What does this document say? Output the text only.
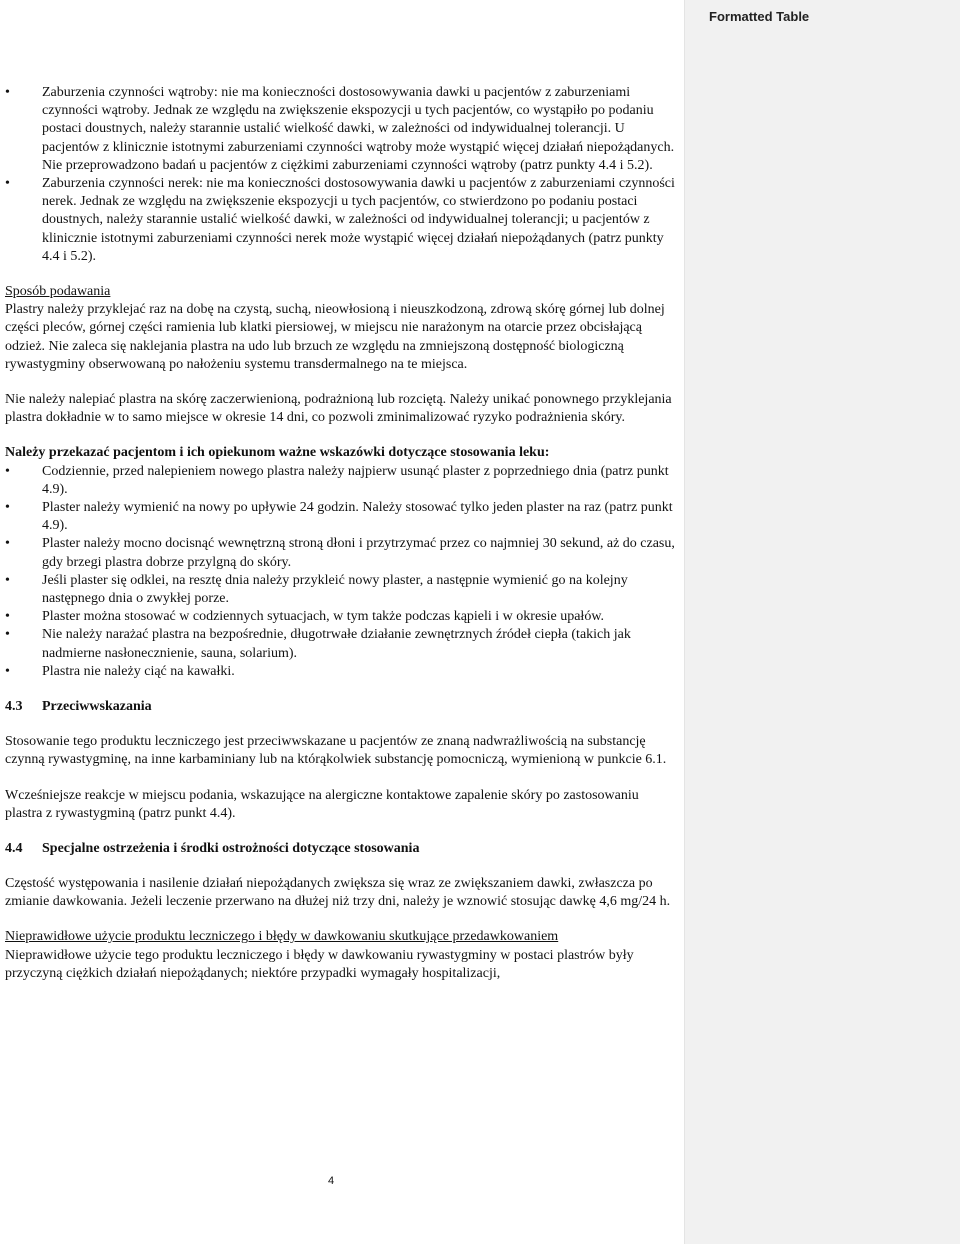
Formatted Table
• Zaburzenia czynności wątroby: nie ma konieczności dostosowywania dawki u pacjentów z zaburzeniami czynności wątroby. Jednak ze względu na zwiększenie ekspozycji u tych pacjentów, co wystąpiło po podaniu postaci doustnych, należy starannie ustalić wielkość dawki, w zależności od indywidualnej tolerancji. U pacjentów z klinicznie istotnymi zaburzeniami czynności wątroby może wystąpić więcej działań niepożądanych. Nie przeprowadzono badań u pacjentów z ciężkimi zaburzeniami czynności wątroby (patrz punkty 4.4 i 5.2).
• Zaburzenia czynności nerek: nie ma konieczności dostosowywania dawki u pacjentów z zaburzeniami czynności nerek. Jednak ze względu na zwiększenie ekspozycji u tych pacjentów, co stwierdzono po podaniu postaci doustnych, należy starannie ustalić wielkość dawki, w zależności od indywidualnej tolerancji; u pacjentów z klinicznie istotnymi zaburzeniami czynności nerek może wystąpić więcej działań niepożądanych (patrz punkty 4.4 i 5.2).

Sposób podawania

Plastry należy przyklejać raz na dobę na czystą, suchą, nieowłosioną i nieuszkodzoną, zdrową skórę górnej lub dolnej części pleców, górnej części ramienia lub klatki piersiowej, w miejscu nie narażonym na otarcie przez obcisłającą odzież. Nie zaleca się naklejania plastra na udo lub brzuch ze względu na zmniejszoną dostępność biologiczną rywastygminy obserwowaną po nałożeniu systemu transdermalnego na te miejsca.

Nie należy nalepiać plastra na skórę zaczerwienioną, podrażnioną lub rozciętą. Należy unikać ponownego przyklejania plastra dokładnie w to samo miejsce w okresie 14 dni, co pozwoli zminimalizować ryzyko podrażnienia skóry.

Należy przekazać pacjentom i ich opiekunom ważne wskazówki dotyczące stosowania leku:

• Codziennie, przed nalepieniem nowego plastra należy najpierw usunąć plaster z poprzedniego dnia (patrz punkt 4.9).
• Plaster należy wymienić na nowy po upływie 24 godzin. Należy stosować tylko jeden plaster na raz (patrz punkt 4.9).
• Plaster należy mocno docisnąć wewnętrzną stroną dłoni i przytrzymać przez co najmniej 30 sekund, aż do czasu, gdy brzegi plastra dobrze przylgną do skóry.
• Jeśli plaster się odklei, na resztę dnia należy przykleić nowy plaster, a następnie wymienić go na kolejny następnego dnia o zwykłej porze.
• Plaster można stosować w codziennych sytuacjach, w tym także podczas kąpieli i w okresie upałów.
• Nie należy narażać plastra na bezpośrednie, długotrwałe działanie zewnętrznych źródeł ciepła (takich jak nadmierne nasłonecznienie, sauna, solarium).
• Plastra nie należy ciąć na kawałki.
4.3 Przeciwwskazania

Stosowanie tego produktu leczniczego jest przeciwwskazane u pacjentów ze znaną nadwrażliwością na substancję czynną rywastygminę, na inne karbaminiany lub na którąkolwiek substancję pomocniczą, wymienioną w punkcie 6.1.

Wcześniejsze reakcje w miejscu podania, wskazujące na alergiczne kontaktowe zapalenie skóry po zastosowaniu plastra z rywastygminą (patrz punkt 4.4).

4.4 Specjalne ostrzeżenia i środki ostrożności dotyczące stosowania

Częstość występowania i nasilenie działań niepożądanych zwiększa się wraz ze zwiększaniem dawki, zwłaszcza po zmianie dawkowania. Jeżeli leczenie przerwano na dłużej niż trzy dni, należy je wznowić stosując dawkę 4,6 mg/24 h.

Nieprawidłowe użycie produktu leczniczego i błędy w dawkowaniu skutkujące przedawkowaniem

Nieprawidłowe użycie tego produktu leczniczego i błędy w dawkowaniu rywastygminy w postaci plastrów były przyczyną ciężkich działań niepożądanych; niektóre przypadki wymagały hospitalizacji,

4
